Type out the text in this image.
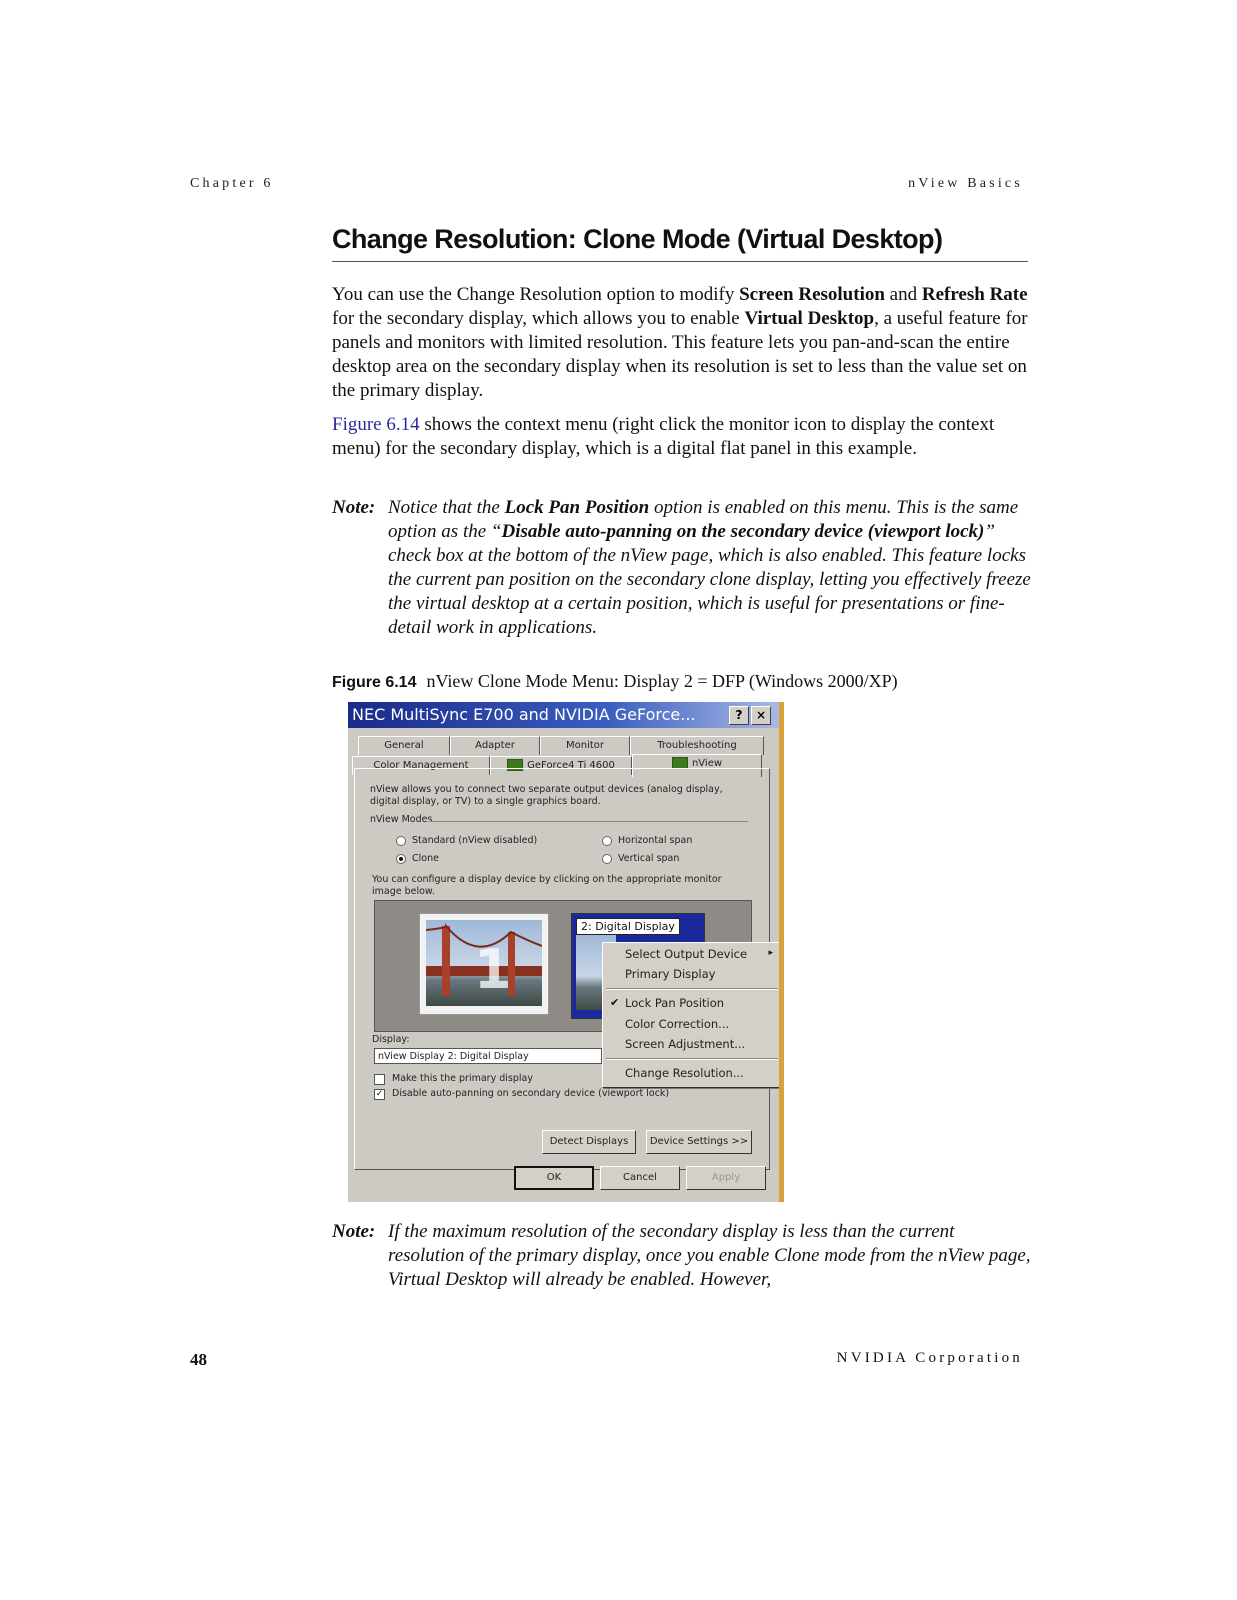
Chapter 6	nView Basics
Change Resolution: Clone Mode (Virtual Desktop)
You can use the Change Resolution option to modify Screen Resolution and Refresh Rate for the secondary display, which allows you to enable Virtual Desktop, a useful feature for panels and monitors with limited resolution. This feature lets you pan-and-scan the entire desktop area on the secondary display when its resolution is set to less than the value set on the primary display.
Figure 6.14 shows the context menu (right click the monitor icon to display the context menu) for the secondary display, which is a digital flat panel in this example.
Note: Notice that the Lock Pan Position option is enabled on this menu. This is the same option as the “Disable auto-panning on the secondary device (viewport lock)” check box at the bottom of the nView page, which is also enabled. This feature locks the current pan position on the secondary clone display, letting you effectively freeze the virtual desktop at a certain position, which is useful for presentations or fine-detail work in applications.
Figure 6.14 nView Clone Mode Menu: Display 2 = DFP (Windows 2000/XP)
NEC MultiSync E700 and NVIDIA GeForce...	?	×
General	Adapter	Monitor	Troubleshooting
Color Management	GeForce4 Ti 4600	nView
nView allows you to connect two separate output devices (analog display, digital display, or TV) to a single graphics board.
nView Modes
Standard (nView disabled)
Clone
Horizontal span
Vertical span
You can configure a display device by clicking on the appropriate monitor image below.
1
2: Digital Display
Display:
nView Display 2: Digital Display
Make this the primary display
✓ Disable auto-panning on secondary device (viewport lock)
Select Output Device ▸
Primary Display
✔ Lock Pan Position
Color Correction...
Screen Adjustment...
Change Resolution...
Detect Displays	Device Settings >>
OK	Cancel	Apply
Note: If the maximum resolution of the secondary display is less than the current resolution of the primary display, once you enable Clone mode from the nView page, Virtual Desktop will already be enabled. However,
48	NVIDIA Corporation
